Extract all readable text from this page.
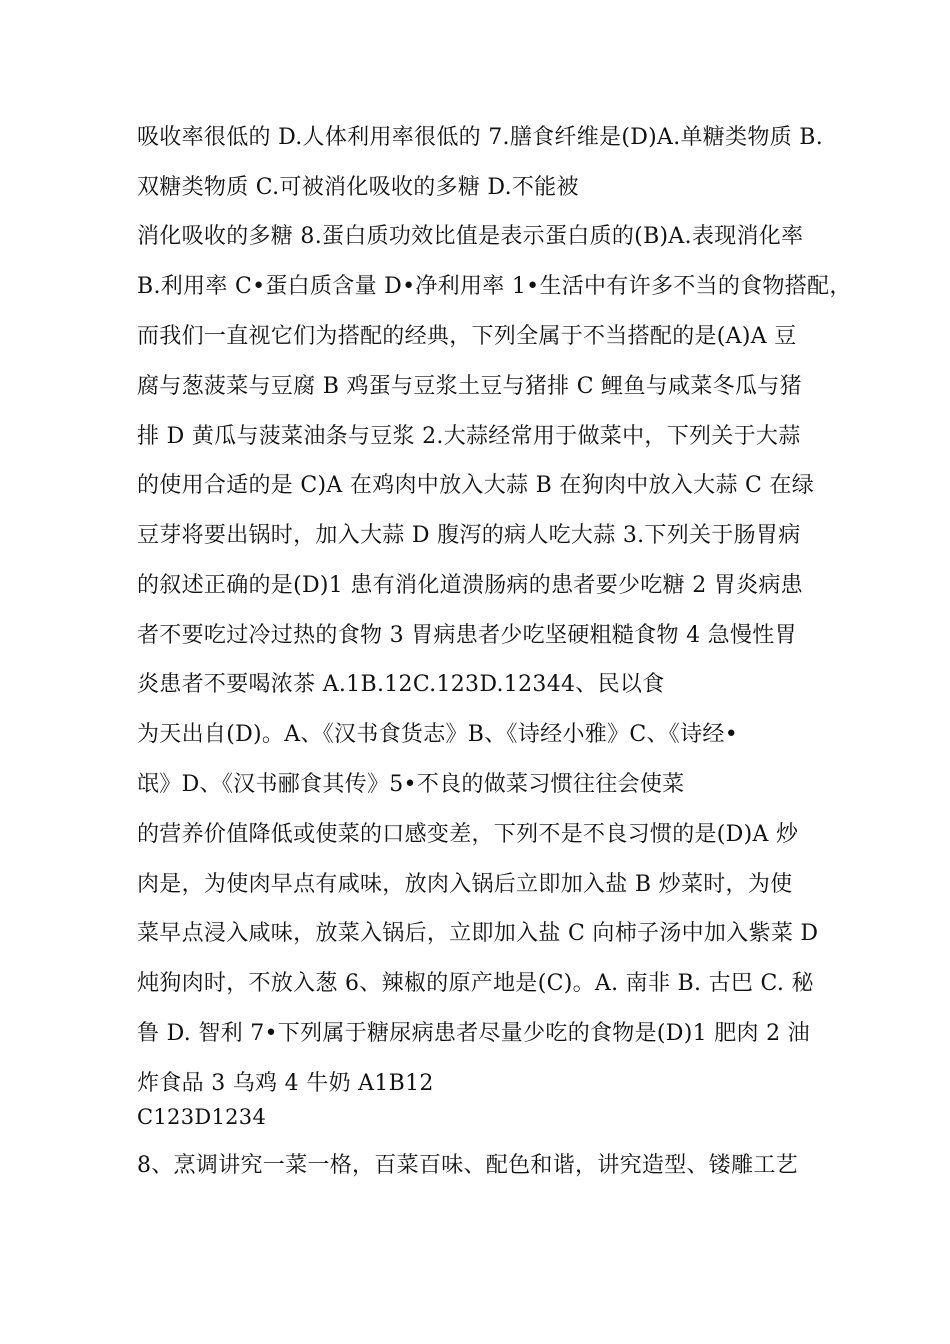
吸收率很低的 D.人体利用率很低的 7.膳食纤维是(D)A.单糖类物质 B.
双糖类物质 C.可被消化吸收的多糖 D.不能被
消化吸收的多糖 8.蛋白质功效比值是表示蛋白质的(B)A.表现消化率
B.利用率 C•蛋白质含量 D•净利用率 1•生活中有许多不当的食物搭配，
而我们一直视它们为搭配的经典，下列全属于不当搭配的是(A)A 豆
腐与葱菠菜与豆腐 B 鸡蛋与豆浆土豆与猪排 C 鲤鱼与咸菜冬瓜与猪
排 D 黄瓜与菠菜油条与豆浆 2.大蒜经常用于做菜中，下列关于大蒜
的使用合适的是 C)A 在鸡肉中放入大蒜 B 在狗肉中放入大蒜 C 在绿
豆芽将要出锅时，加入大蒜 D 腹泻的病人吃大蒜 3.下列关于肠胃病
的叙述正确的是(D)1 患有消化道溃肠病的患者要少吃糖 2 胃炎病患
者不要吃过冷过热的食物 3 胃病患者少吃坚硬粗糙食物 4 急慢性胃
炎患者不要喝浓茶 A.1B.12C.123D.12344、民以食
为天出自(D)。A、《汉书食货志》B、《诗经小雅》C、《诗经•
氓》D、《汉书郦食其传》5•不良的做菜习惯往往会使菜
的营养价值降低或使菜的口感变差，下列不是不良习惯的是(D)A 炒
肉是，为使肉早点有咸味，放肉入锅后立即加入盐 B 炒菜时，为使
菜早点浸入咸味，放菜入锅后，立即加入盐 C 向柿子汤中加入紫菜 D
炖狗肉时，不放入葱 6、辣椒的原产地是(C)。A. 南非 B. 古巴 C. 秘
鲁 D. 智利 7•下列属于糖尿病患者尽量少吃的食物是(D)1 肥肉 2 油
炸食品 3 乌鸡 4 牛奶 A1B12
C123D1234
8、烹调讲究一菜一格，百菜百味、配色和谐，讲究造型、镂雕工艺
